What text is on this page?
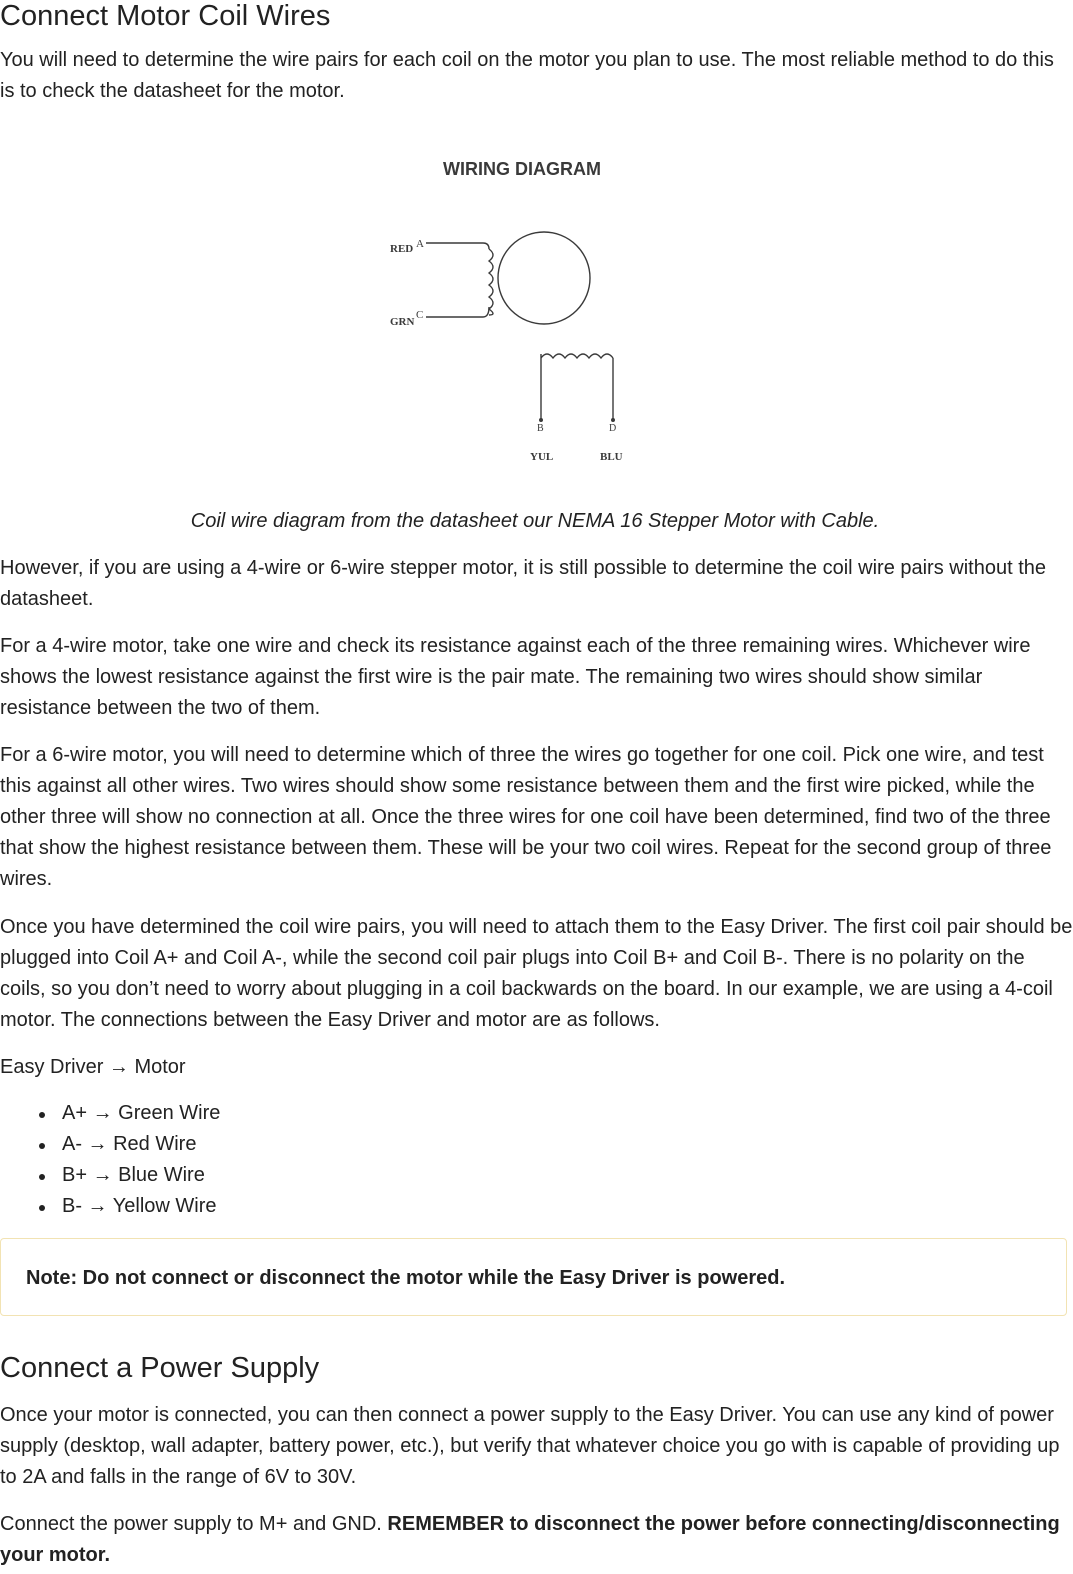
Connect Motor Coil Wires

You will need to determine the wire pairs for each coil on the motor you plan to use. The most reliable method to do this is to check the datasheet for the motor.

WIRING DIAGRAM
RED A
GRN
C
B	D
YUL	BLU

Coil wire diagram from the datasheet our NEMA 16 Stepper Motor with Cable.

However, if you are using a 4-wire or 6-wire stepper motor, it is still possible to determine the coil wire pairs without the datasheet.

For a 4-wire motor, take one wire and check its resistance against each of the three remaining wires. Whichever wire shows the lowest resistance against the first wire is the pair mate. The remaining two wires should show similar resistance between the two of them.

For a 6-wire motor, you will need to determine which of three the wires go together for one coil. Pick one wire, and test this against all other wires. Two wires should show some resistance between them and the first wire picked, while the other three will show no connection at all. Once the three wires for one coil have been determined, find two of the three that show the highest resistance between them. These will be your two coil wires. Repeat for the second group of three wires.

Once you have determined the coil wire pairs, you will need to attach them to the Easy Driver. The first coil pair should be plugged into Coil A+ and Coil A-, while the second coil pair plugs into Coil B+ and Coil B-. There is no polarity on the coils, so you don’t need to worry about plugging in a coil backwards on the board. In our example, we are using a 4-coil motor. The connections between the Easy Driver and motor are as follows.

Easy Driver → Motor

A+ → Green Wire
A- → Red Wire
B+ → Blue Wire
B- → Yellow Wire
Note: Do not connect or disconnect the motor while the Easy Driver is powered.
Connect a Power Supply

Once your motor is connected, you can then connect a power supply to the Easy Driver. You can use any kind of power supply (desktop, wall adapter, battery power, etc.), but verify that whatever choice you go with is capable of providing up to 2A and falls in the range of 6V to 30V.

Connect the power supply to M+ and GND. REMEMBER to disconnect the power before connecting/disconnecting your motor.
